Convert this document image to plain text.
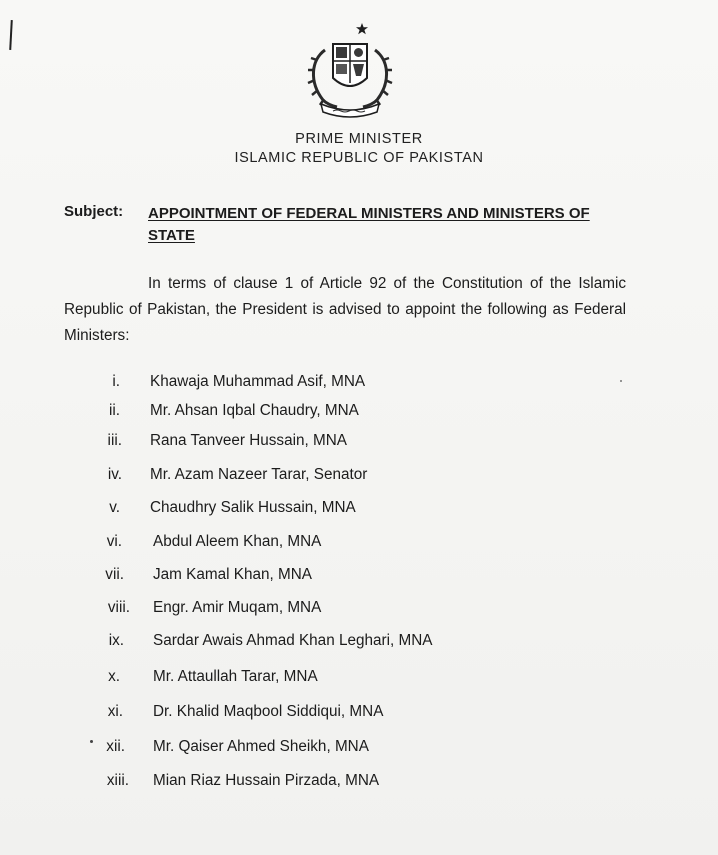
PRIME MINISTER
ISLAMIC REPUBLIC OF PAKISTAN
Subject: APPOINTMENT OF FEDERAL MINISTERS AND MINISTERS OF STATE
In terms of clause 1 of Article 92 of the Constitution of the Islamic Republic of Pakistan, the President is advised to appoint the following as Federal Ministers:
i. Khawaja Muhammad Asif, MNA
ii. Mr. Ahsan Iqbal Chaudry, MNA
iii. Rana Tanveer Hussain, MNA
iv. Mr. Azam Nazeer Tarar, Senator
v. Chaudhry Salik Hussain, MNA
vi. Abdul Aleem Khan, MNA
vii. Jam Kamal Khan, MNA
viii. Engr. Amir Muqam, MNA
ix. Sardar Awais Ahmad Khan Leghari, MNA
x. Mr. Attaullah Tarar, MNA
xi. Dr. Khalid Maqbool Siddiqui, MNA
xii. Mr. Qaiser Ahmed Sheikh, MNA
xiii. Mian Riaz Hussain Pirzada, MNA
